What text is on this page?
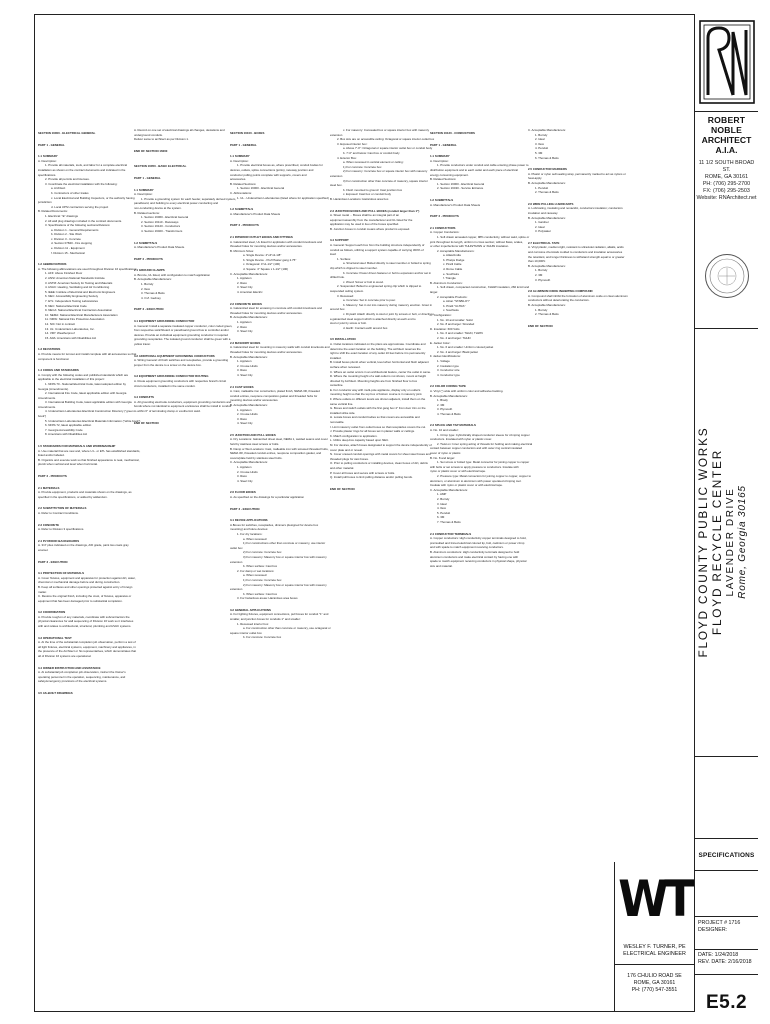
SECTION 16000 - ELECTRICAL GENERAL
PART 1 - GENERAL
1.1 SUMMARY
A. Description:
1. Provide all materials, tools, and labor for a complete electrical
installation as shown on the contract documents and indicated in the
specifications.
2. Provide all permits and licenses.
3. Coordinate the electrical installation with the following:
a. Architect
b. Contractors of other trades
c. Local Electrical and Building Inspectors, or the authority having
jurisdiction
d. Local UPS/ contractors serving the project
B. Related Documents:
1. Electrical: "E" drawings
2. All wall plug drawings included in the contract documents.
3. Specifications of the following sections/divisions:
a. Division 1 - General Requirements
b. Division 2 - Site Work
c. Division 3 - Concrete
d. Section 07840 - Fire stopping
e. Division 11 - Equipment
f. Division 15 - Mechanical
1.2 ABBREVIATIONS
A. The following abbreviations are used throughout Division 16 specifications:
1. AFF: Above Finished Floor
2. ANSI: American National Standards Institute
3. ASTM: American Society for Testing and Materials
4. HVAC: Heating, Ventilating and Air Conditioning
5. IEEE: Institute of Electrical and Electronic Engineers
6. NEC: Accessibility Engineering Society
7. ETL: Independent Testing Laboratories
8. NEC: National Electrical Code
9. NECA: National Electrical Contractors Association
10. NEMA: National Electrical Manufacturers Association
11. NFPA: National Fire Protection Association
12. NIC: Not in contract
13. UL: Underwriters Laboratories, Inc.
14. VFP: Weatherproof
15. ADA: Americans with Disabilities Act
1.3 DEVIATIONS
A. Provide means for turnout and install complete with all accessories so that
component is functional.
1.4 CODES AND STANDARDS
A. Comply with the following codes and published standards which are
applicable to the electrical installation of this project:
1. NFPA 70 - National Electrical Code, latest adopted edition by
Georgia (Amendments).
2. International Fire Code, latest applicable edition with Georgia
Amendments.
3. International Building Code, latest applicable edition with Georgia
Amendments.
4. Underwriters Laboratories Electrical Construction Directory ("green
book")
5. Underwriters Laboratories Electrical Materials Information ("white book")
6. NFPA 72, latest applicable edition
7. Georgia Accessibility Code
8. Americans with Disabilities Act
1.5 STANDARDS FOR MATERIALS AND WORKMANSHIP
A. Use material that are new and, where U.L. or ETL has established standards,
listed and/or labeled.
B. Organize and execute work so that finished appearance is neat, mechanical,
plumb when vertical and level when horizontal.
PART 2 - PRODUCTS
2.1 MATERIALS
A. Provide equipment, products and materials shown on the drawings, as
specified in the specifications, or added by addendum.
2.2 SUBSTITUTION OF MATERIALS
A. Refer to Contract Conditions.
2.3 CONCRETE
A. Refer to Division 3 specifications.
2.4 PLYWOOD BACKBOARDS
A. 3/4" plies indicated on the drawings, A/D grade, paint two coats gray
enamel.
PART 3 - EXECUTION
3.1 PROTECTION OF MATERIALS
A. Cover fixtures, equipment and apparatus for protection against dirt, water,
chemical or mechanical damage before and during construction.
B. Keep all surfaces and other openings protected against entry of foreign
matter.
C. Restore the original finish, including the crest, of fixtures, apparatus or
equipment that has been damaged prior to substantial completion.
3.2 COORDINATION
A. Provide rough-in of any materials, coordinate with subcontractors the
physical clearances for wall sequencing of Division 16 work so it interfaces
with and relates to architectural, structural, plumbing and HVAC systems.
3.3 OPERATIONAL TEST
A. At the time of the substantial completion job observation, perform a test of
all light fixtures, electrical systems, equipment, machinery and appliances, in
the presence of the Architect or his representatives, which demonstrates that
all of Division 16 systems are operational.
3.4 OWNER INSTRUCTION AND ASSISTANCE
A. At substantial job completion job observation, instruct the Owner's
operating personnel in the operation, sequencing, maintenance, and
safety/emergency provisions of the electrical systems.
3.5 AS-BUILT DRAWINGS
A. Record on one set of electrical drawings all changes, deviations and
underground conduits.
Deliver same to architect as per Division 1.
END OF SECTION 16000
SECTION 16050 - BASIC ELECTRICAL
PART 1 - GENERAL
1.1 SUMMARY
A. Description:
1. Provide a grounding system for each feeder, separately derived system,
panelboard, and building to every electrical power conducting and
non-conducting device at the system.
B. Related sections:
1. Section 16060 - Electrical General
2. Section 16110 - Raceways
3. Section 16120 - Conductors
4. Section 16400 - Transformers
1.2 SUBMITTALS
A. Manufacturer's Product Data Sheets.
PART 2 - PRODUCTS
2.1 GROUND CLAMPS
A. Bronze, UL listed, with configuration to match application
B. Acceptable Manufacturers:
1. Burndy
2. Ilsco
3. Thomas & Betts
4. O.Z. Gedney
PART 3 - EXECUTION
3.1 EQUIPMENT GROUNDING CONDUCTOR
A. General: Install a separate insulated copper conductor, color coded green,
from respective switchboard or panelboard ground bus to controller and/or
devices. Provide an individual equipment grounding conductor in required
grounding receptacles. The isolated ground conductor shall be green with a
yellow tracer.
3.2 ADDITIONAL EQUIPMENT GROUNDING CONDUCTORS
A. Wiring General: All both switches and receptacles, provide a grounding
jumper from the device to a screw on the device box.
3.3 EQUIPMENT GROUNDING CONDUCTOR ROUTING
A. Route equipment grounding conductors with respective branch circuit
circuit conductors, installed in the same conduit.
3.4 CONDUITS
A. All grounding electrode conductors, equipment grounding conductors and
bonds where not identical to equipment enclosures shall be install in conduit
to within 6" of terminating clamp or exothermic weld.
END OF SECTION
SECTION 16100 - BOXES
PART 1 - GENERAL
1.1 SUMMARY
A. Description:
1. Provide electrical boxes as, where prescribed, conduit bodies for
devices, outlets, splice connections (joints), raceway junction and
conductor pulling points complete with supports, covers and
accessories.
B. Related Sections:
1. Section 16000 - Electrical General
C. Abbreviations:
1. UL - Underwriters Laboratories (listed where for application specified)
1.2 SUBMITTALS
A. Manufacturer's Product Data Sheets
PART 2 - PRODUCTS
2.1 INTERIOR OUTLET BOXES AND FITTINGS
A. Galvanized steel, UL listed for application with conduit knockouts and
threaded holes for mounting devices and/or accessories.
B. Minimum Sizes:
a. Single Device: 4"x4"x2-1/8"
b. Single Device - Pref Plaster gang 2.75"
c. Octagonal: 4"x1-1/2" (100)
d. Square: 4" Square x 1-1/2" (100)
C. Acceptable Manufacturers:
1. Appleton
2. Raco
3. Steel City
4. American Electric
2.2 CONCRETE BOXES
A. Galvanized steel for encasing in concrete with conduit knockouts and
threaded holes for mounting devices and/or accessories.
B. Acceptable Manufacturers:
1. Appleton
2. Raco
3. Steel City
2.3 MASONRY BOXES
A. Galvanized steel for mounting in masonry walls with conduit knockouts and
threaded holes for mounting devices and/or accessories.
B. Acceptable Manufacturers:
1. Appleton
2. Crouse Hinds
3. Raco
4. Steel City
2.4 CAST BOXES
A. Cast, malleable iron construction, plated finish, NEMA 3R, threaded
conduit entries, neoprene composition gasket and threaded hubs for
mounting devices and/or accessories.
B. Acceptable Manufacturers:
1. Appleton
2. Crouse Hinds
3. Raco
4. Steel City
2.5 JUNCTION AND PULL BOXES
A. Dry Locations: Galvanized sheet steel, NEMA 1, welded seams and cover
held by stainless steel screws or bolts.
B. Damp or Wet Locations: Cast, malleable iron with screwed threaded hubs,
NEMA 3R, threaded conduit entries, neoprene composition gasket, and
covers/plate held by stainless steel bolts.
C. Acceptable Manufacturers:
1. Appleton
2. Crouse Hinds
3. Raco
4. Steel City
2.6 FLOOR BOXES
A. As specified on the drawings for a particular application
PART 3 - EXECUTION
3.1 DEVICE APPLICATIONS
A.Boxes for switches, receptacles, dimmers (designed for device box
mounting) and future devices:
1. For dry locations:
a. When recessed:
1) For constructions other than concrete or masonry, use interior
outlet box
2) For concrete: Concrete box
3) For masonry: Masonry box or square interior box with masonry
extension
b. When surface: Cast box
2. For damp or wet locations:
a. When recessed:
1) For concrete: Concrete box
2) For masonry: Masonry box or square interior box with masonry
extension
b. When surface: Cast box
3. For hazardous areas: Hazardous area boxes
3.2 GENERAL APPLICATIONS
A. For lighting fixtures, equipment connections, pull boxes for conduit "1" and
smaller, and junction boxes for conduits 1" and smaller:
1. Recessed interior box:
a. For construction other than concrete or masonry, use octagonal or
square interior outlet box
b. For concrete: Concrete box
c. For masonry: Concealed box or square interior box with masonry
extension
2. Box size are on accessible ceiling: Octagonal or square interior outlet box
3. Exposed interior box:
a. Above 7'-0": Octagonal or square interior outlet box or conduit body
b. 7'-0" and below: Cast box or conduit body
4. Exterior Box:
a. When recessed in vertical element or ceiling:
1) For concrete: Concrete box
2) For masonry: Concrete box or square interior box with masonry
extension
3) For construction other than concrete of masonry, square interior
steel box.
b. Flush mounted to ground: Cast junction box
c. Exposed: Cast box or conduit body
B. Hazardous Locations: Hazardous area box.
2.3 JUNCTION BOXES AND PULL BOXES (conduit larger than 1")
A. Sheet metal ... Boxes shall be an integral part of an
equipment assembly from the manufacturer and UL listed for the
application may be used in lieu of the boxes specified.
B. Junction boxes in conduit means where product is exposed.
3.4 SUPPORT
A. General: Support each box from the building structure independently of
conduit as follows, utilizing a support system capable of carrying 300% of
load:
1. Surface:
a. Structural steel: Bolted directly to steel member or bolted to spring
clip which is clipped to steel member.
b. Concrete: Power driven fastener or bolt to expansion anchor set in
drilled hole.
c. Wood: Screw or bolt to wood.
2. Suspended: Bolted to engineered spring clip which is clipped to
suspended ceiling system.
3. Recessed:
a. Concrete: Set in concrete prior to pour.
b. Masonry: Set in cut into masonry during masonry erection. Grout in
around box.
c. Drywall: Attach directly to stud or joint by screws or bolt, or directly to
a galvanized steel support which is attached directly at each end to
stud or joist by screw or bolt.
d. Earth: Contact earth around box.
3.5 INSTALLATION
A. Outlet locations indicated on the plans are approximate. Coordinate and
determine the exact location on the building. The architect reserves the
right to shift the exact location of any outlet 10 feet before it is permanently
installed.
B. Install boxes plumb when vertical, level when horizontal and flush adjacent
surface when recessed.
C. Where an outlet occurs in an architectural feature, center the outlet in same.
D. Where the mounting height of a wall outlet is not shown, mount at height
directed by Architect. Mounting heights are from finished floor to box
centerline.
E. For conductor way with multi-pole appliance, display only on outlet's
mounting height so that the top box of bottom course is in masonry joint.
F. Where outlets on different levels are shown adjacent, install them on the
same vertical line.
G. Boxes and switch outlets with the first gang box 4" from door trim on the
installed strike side.
H. Locate boxes and conduit bodies so that covers are accessible and
removable.
I. Limit masonry outlet from outlet boxes so that receptacles covers the cut.
J. Provide plaster rings for all boxes set in plaster walls or ceilings.
K. Match configuration to application.
L. Utilize deep-box capacity based upon NEC.
M. For devices, attach boxes designated to support the device independently of
cover plate and or reveal.
N. Cover unused conduit openings with metal covers for sheet steel boxes and
threaded plugs for cast boxes.
O. Prior to pulling conductors or installing devices, clean boxes of dirt, debris
and other material.
P. Cover all boxes and secure with screws or bolts.
Q. Install pull boxes to limit pulling distance and/or pulling bends.
END OF SECTION
SECTION 16120 - CONDUCTORS
PART 1 - GENERAL
1.1 SUMMARY
A. Description:
1. Provide conductors under conduit and cable entering phase power to
distribution equipment and to each outlet and each piece of electrical
energy consuming equipment.
B. Related Sections:
1. Section 16000 - Electrical General
2. Section 16430 - Service Entrance
1.2 SUBMITTALS
A. Manufacturer's Product Data Sheets
PART 2 - PRODUCTS
2.1 CONDUCTORS
A. Copper Conductors:
1. Soft drawn annealed copper, 98% conductivity, without weld, splice or
joint throughout its length, uniform in cross section; without flaws, scales,
or other imperfections with THHN/THWN or XHHW insulation.
2. Acceptable Manufacturers:
a. Atlas/Andia
b. Phelps Dodge
c. Pirelli Cable
d. Rome Cable
e. Southwire
f. Triangle
B. Aluminum Conductors:
1. Soft drawn, compacted construction, XHHW insulation, 260 kcmil and
larger.
2. Acceptable Products:
a. Alcan "STABILOY"
b. Pirelli "ULTRA"
c. Southwire
C. Configuration:
1. No. 10 and smaller: Solid
2. No. 8 and larger: Stranded
D. Insulation: 600 Volts
1. No. 6 and smaller: THHN, THWN
2. No. 4 and larger: THHN
E. Jacket Color:
1. No. 6 and smaller: Uniform colored jacket
2. No. 4 and larger: Black jacket
F. Jacket Identifications:
1. Voltage
2. Insulation type
3. Conductor size
4. Conductor type
2.2 COLOR CODING TAPE
A. Vinyl (") wide with uniform color and adhesive backing.
B. Acceptable Manufacturers:
1. Brady
2. 3M
3. Plymouth
4. Thomas & Betts
2.3 SPLICE AND TAP MATERIALS
A. No. 10 and smaller:
1. Crimp type: Cylindrically shaped conductor sleeve for crimping copper
conductors. Insulated with nylon or plastic cover.
2. Twist on: Inner spring acting of threads for holding and making electrical
contact between copper conductors and with outer ring central insulated
cover of nylon or plastic.
B. No. 8 and larger:
1. Set screw or bolted type: Metal connector for joining copper to copper
with bolts or set screws to apply pressure to conductors. Insulate with
nylon or plastic cover or with electrical tape.
2. Pressure type: Metal connectors for joining copper to copper, copper to
aluminum, or aluminum to aluminum with power operated crimping tool.
Insulate with nylon or plastic cover or with electrical tape.
C. Acceptable Manufacturers:
1. AMP
2. Burndy
3. Ideal
4. Ilsco
5. Penduit
6. 3M
7. Thomas & Betts
2.4 CONDUCTOR TERMINALS
A. Copper conductors: High conductivity copper terminals designed to hold,
preinsulted and tinned electrical colored tip, bolt, cadmium or power crimp
and with spade to match equipment receiving conductors.
B. Aluminum conductors: High conductivity terminals designed to hold
aluminum conductors and make electrical contact by having one with
spade to match equipment receiving conductors in physical shape, physical
size and material.
C. Acceptable Manufacturers:
1. Burndy
2. Ideal
3. Ilsco
4. Penduit
5. 3M
6. Thomas & Betts
2.5 CONDUCTOR MARKERS
A. Plastic or nylon self-sealing wrap, permanently marked to act as nylons or
heat-apply.
B. Acceptable Manufacturers:
1. Penduit
2. Thomas & Betts
2.6 WIRE PULLING LUBRICANTS
A. Lubricating, insulating and nonacidic, conductors insulation; conductors
insulation and raceway.
B. Acceptable Manufacturers:
1. Gardner
2. Ideal
3. Polywater
2.7 ELECTRICAL TAPE
A. Vinyl plastic, medium-light, resistant to ultraviolet radiation, alkalis, acids
and corrosive chemicals molded to conductors and insulation accessories
the retardant, and longer thickness to withstand strength equal to or greater
than 10,000V.
B. Acceptable Manufacturers:
1. Burndy
2. 3M
3. Plymouth
2.8 ALUMINUM OXIDE INHIBITING COMPOUND
A. Compound shall inhibit the formation of aluminum oxide on clean aluminum
conductors without deteriorating the conductors.
B. Acceptable Manufacturers:
1. Burndy
2. Thomas & Betts
END OF SECTION
WT
WESLEY F. TURNER, PE
ELECTRICAL ENGINEER
176 CHULIO ROAD SE
ROME, GA 30161
PH: (770) 547-3551
ROBERT NOBLE
ARCHITECT
A.I.A.
11 1/2 SOUTH BROAD ST.
ROME, GA 30161
PH: (706) 295-2700
FX: (706) 295-2503
Website: RNArchitect.net
FLOYD COUNTY PUBLIC WORKS FLOYD RECYCLE CENTER LAVENDER DRIVE Rome, Georgia 30165
SPECIFICATIONS
PROJECT # 1716
DESIGNER:
DATE: 1/24/2018
REV. DATE: 2/16/2018
E5.2
